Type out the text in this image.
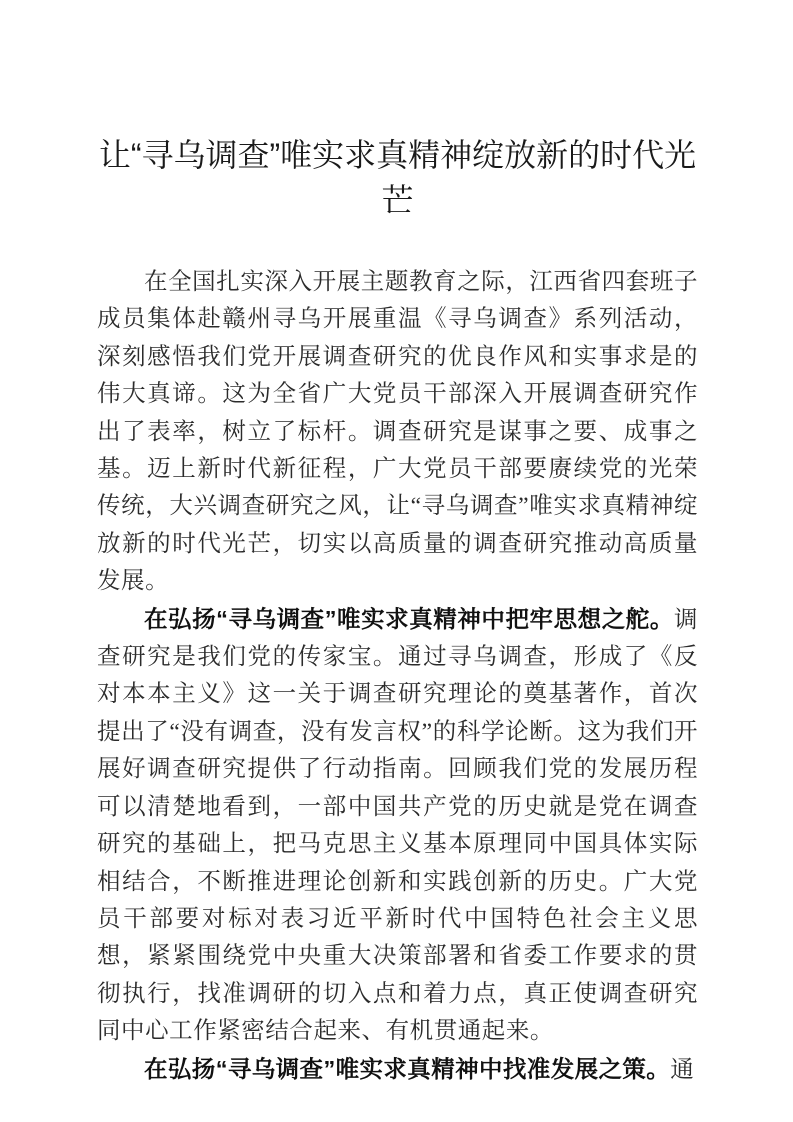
让“寻乌调查”唯实求真精神绽放新的时代光芒

在全国扎实深入开展主题教育之际，江西省四套班子成员集体赴赣州寻乌开展重温《寻乌调查》系列活动，深刻感悟我们党开展调查研究的优良作风和实事求是的伟大真谛。这为全省广大党员干部深入开展调查研究作出了表率，树立了标杆。调查研究是谋事之要、成事之基。迈上新时代新征程，广大党员干部要赓续党的光荣传统，大兴调查研究之风，让“寻乌调查”唯实求真精神绽放新的时代光芒，切实以高质量的调查研究推动高质量发展。

在弘扬“寻乌调查”唯实求真精神中把牢思想之舵。调查研究是我们党的传家宝。通过寻乌调查，形成了《反对本本主义》这一关于调查研究理论的奠基著作，首次提出了“没有调查，没有发言权”的科学论断。这为我们开展好调查研究提供了行动指南。回顾我们党的发展历程可以清楚地看到，一部中国共产党的历史就是党在调查研究的基础上，把马克思主义基本原理同中国具体实际相结合，不断推进理论创新和实践创新的历史。广大党员干部要对标对表习近平新时代中国特色社会主义思想，紧紧围绕党中央重大决策部署和省委工作要求的贯彻执行，找准调研的切入点和着力点，真正使调查研究同中心工作紧密结合起来、有机贯通起来。

在弘扬“寻乌调查”唯实求真精神中找准发展之策。通
